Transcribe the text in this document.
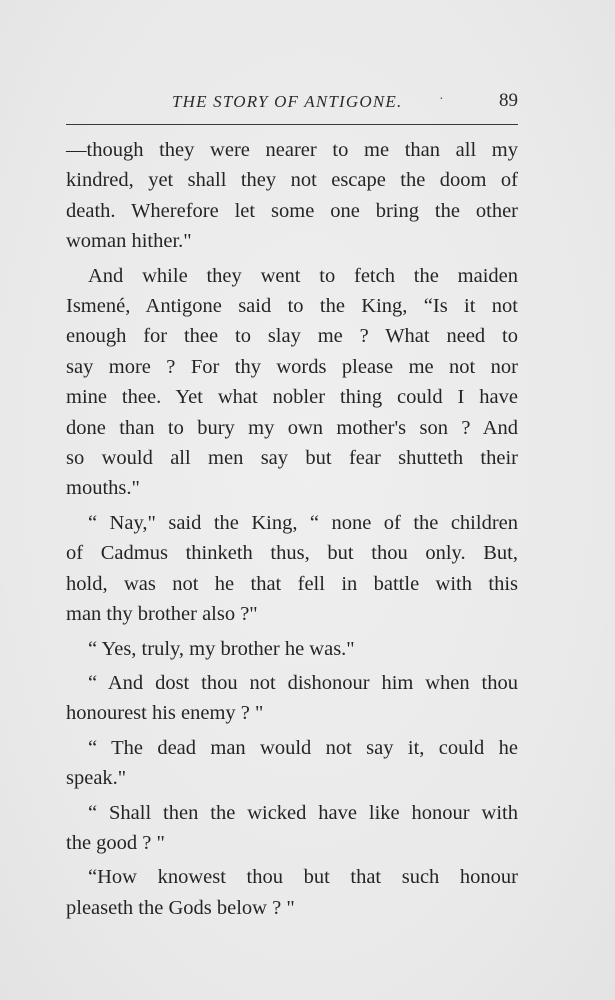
THE STORY OF ANTIGONE.	·	89

—though they were nearer to me than all my
kindred, yet shall they not escape the doom of
death. Wherefore let some one bring the other
woman hither."

And while they went to fetch the maiden
Ismené, Antigone said to the King, “Is it not
enough for thee to slay me ? What need to
say more ? For thy words please me not nor
mine thee. Yet what nobler thing could I have
done than to bury my own mother's son ? And
so would all men say but fear shutteth their
mouths."

“ Nay," said the King, “ none of the children
of Cadmus thinketh thus, but thou only. But,
hold, was not he that fell in battle with this
man thy brother also ?"

“ Yes, truly, my brother he was."

“ And dost thou not dishonour him when thou
honourest his enemy ? "

“ The dead man would not say it, could he
speak."

“ Shall then the wicked have like honour with
the good ? "

“How knowest thou but that such honour
pleaseth the Gods below ? "
